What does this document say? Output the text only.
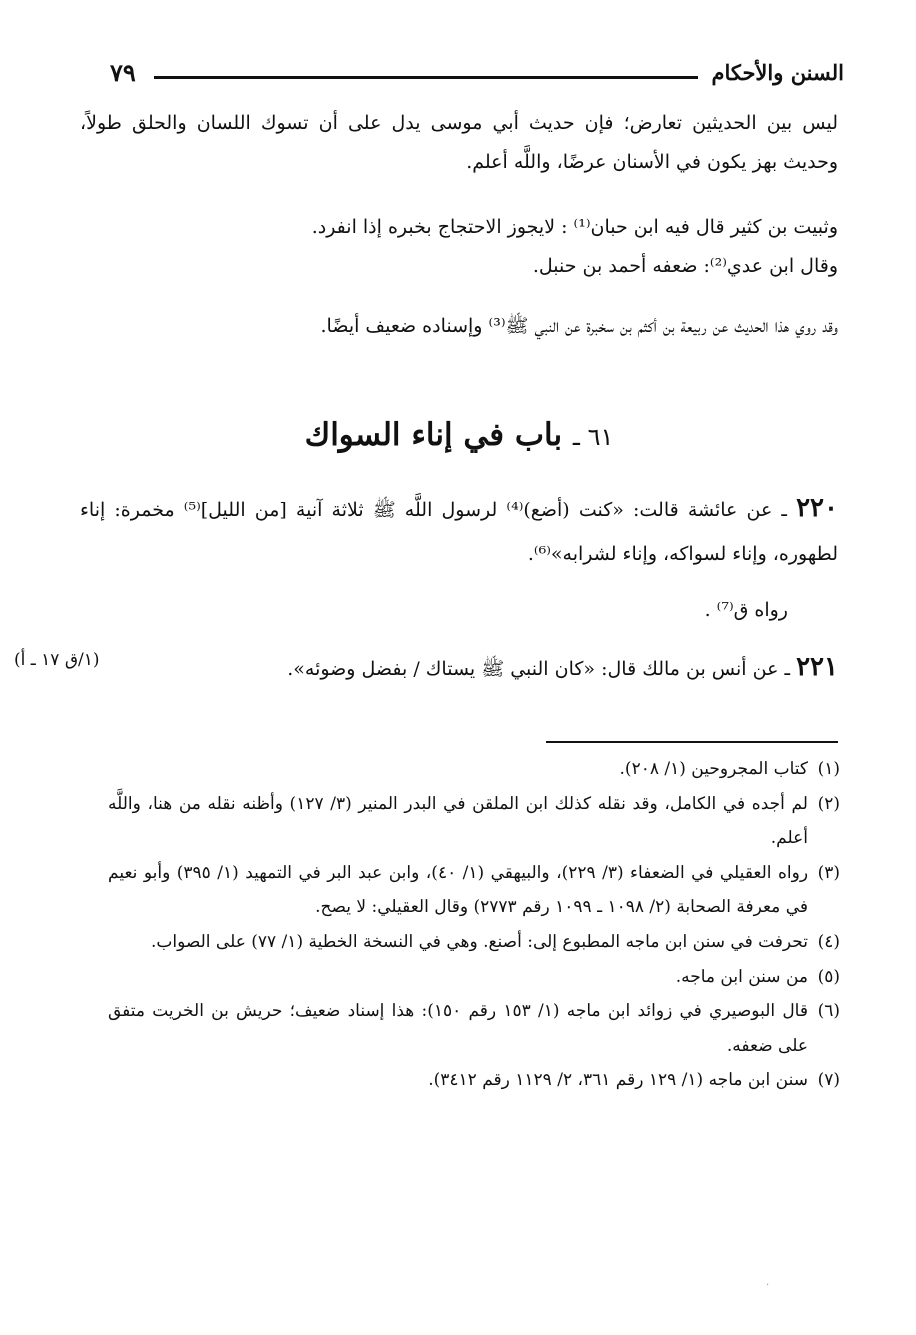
السنن والأحكام
٧٩
ليس بين الحديثين تعارض؛ فإن حديث أبي موسى يدل على أن تسوك اللسان والحلق طولاً، وحديث بهز يكون في الأسنان عرضًا، واللَّه أعلم.
وثبيت بن كثير قال فيه ابن حبان⁽¹⁾ : لايجوز الاحتجاج بخبره إذا انفرد.
وقال ابن عدي⁽²⁾: ضعفه أحمد بن حنبل.
وقد روي هذا الحديث عن ربيعة بن أكثم بن سخبرة عن النبي ﷺ⁽³⁾ وإسناده ضعيف أيضًا.
٦١ ـ باب في إناء السواك
٢٢٠ ـ عن عائشة قالت: «كنت (أضع)⁽⁴⁾ لرسول اللَّه ﷺ ثلاثة آنية [من الليل]⁽⁵⁾ مخمرة: إناء لطهوره، وإناء لسواكه، وإناء لشرابه»⁽⁶⁾.
رواه ق⁽⁷⁾ .
٢٢١ ـ عن أنس بن مالك قال: «كان النبي ﷺ يستاك / بفضل وضوئه».
(١/ق ١٧ ـ أ)
(١)
كتاب المجروحين (١/ ٢٠٨).
(٢)
لم أجده في الكامل، وقد نقله كذلك ابن الملقن في البدر المنير (٣/ ١٢٧) وأظنه نقله من هنا، واللَّه أعلم.
(٣)
رواه العقيلي في الضعفاء (٣/ ٢٢٩)، والبيهقي (١/ ٤٠)، وابن عبد البر في التمهيد (١/ ٣٩٥) وأبو نعيم في معرفة الصحابة (٢/ ١٠٩٨ ـ ١٠٩٩ رقم ٢٧٧٣) وقال العقيلي: لا يصح.
(٤)
تحرفت في سنن ابن ماجه المطبوع إلى: أصنع. وهي في النسخة الخطية (١/ ٧٧) على الصواب.
(٥)
من سنن ابن ماجه.
(٦)
قال البوصيري في زوائد ابن ماجه (١/ ١٥٣ رقم ١٥٠): هذا إسناد ضعيف؛ حريش بن الخريت متفق على ضعفه.
(٧)
سنن ابن ماجه (١/ ١٢٩ رقم ٣٦١، ٢/ ١١٢٩ رقم ٣٤١٢).
·
